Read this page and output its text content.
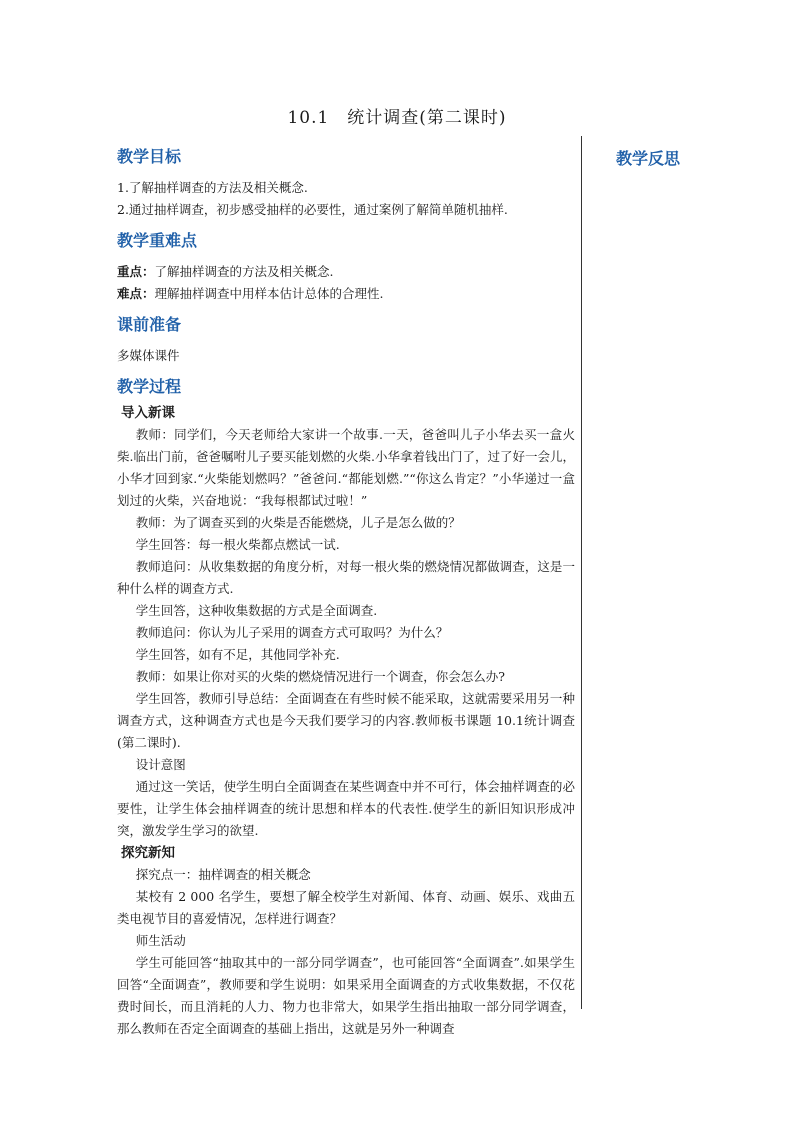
10.1　统计调查(第二课时)
教学反思

教学目标

1.了解抽样调查的方法及相关概念.

2.通过抽样调查，初步感受抽样的必要性，通过案例了解简单随机抽样.

教学重难点

重点：了解抽样调查的方法及相关概念.

难点：理解抽样调查中用样本估计总体的合理性.

课前准备

多媒体课件

教学过程

导入新课

教师：同学们，今天老师给大家讲一个故事.一天，爸爸叫儿子小华去买一盒火柴.临出门前，爸爸嘱咐儿子要买能划燃的火柴.小华拿着钱出门了，过了好一会儿，小华才回到家.“火柴能划燃吗？”爸爸问.“都能划燃.”“你这么肯定？”小华递过一盒划过的火柴，兴奋地说：“我每根都试过啦！”

教师：为了调查买到的火柴是否能燃烧，儿子是怎么做的？

学生回答：每一根火柴都点燃试一试.

教师追问：从收集数据的角度分析，对每一根火柴的燃烧情况都做调查，这是一种什么样的调查方式.

学生回答，这种收集数据的方式是全面调查.

教师追问：你认为儿子采用的调查方式可取吗？为什么？

学生回答，如有不足，其他同学补充.

教师：如果让你对买的火柴的燃烧情况进行一个调查，你会怎么办?

学生回答，教师引导总结：全面调查在有些时候不能采取，这就需要采用另一种调查方式，这种调查方式也是今天我们要学习的内容.教师板书课题 10.1统计调查(第二课时).

设计意图

通过这一笑话，使学生明白全面调查在某些调查中并不可行，体会抽样调查的必要性，让学生体会抽样调查的统计思想和样本的代表性.使学生的新旧知识形成冲突，激发学生学习的欲望.

探究新知

探究点一：抽样调查的相关概念

某校有 2 000 名学生，要想了解全校学生对新闻、体育、动画、娱乐、戏曲五类电视节目的喜爱情况，怎样进行调查？

师生活动

学生可能回答“抽取其中的一部分同学调查”，也可能回答“全面调查”.如果学生回答“全面调查”，教师要和学生说明：如果采用全面调查的方式收集数据，不仅花费时间长，而且消耗的人力、物力也非常大，如果学生指出抽取一部分同学调查，那么教师在否定全面调查的基础上指出，这就是另外一种调查
